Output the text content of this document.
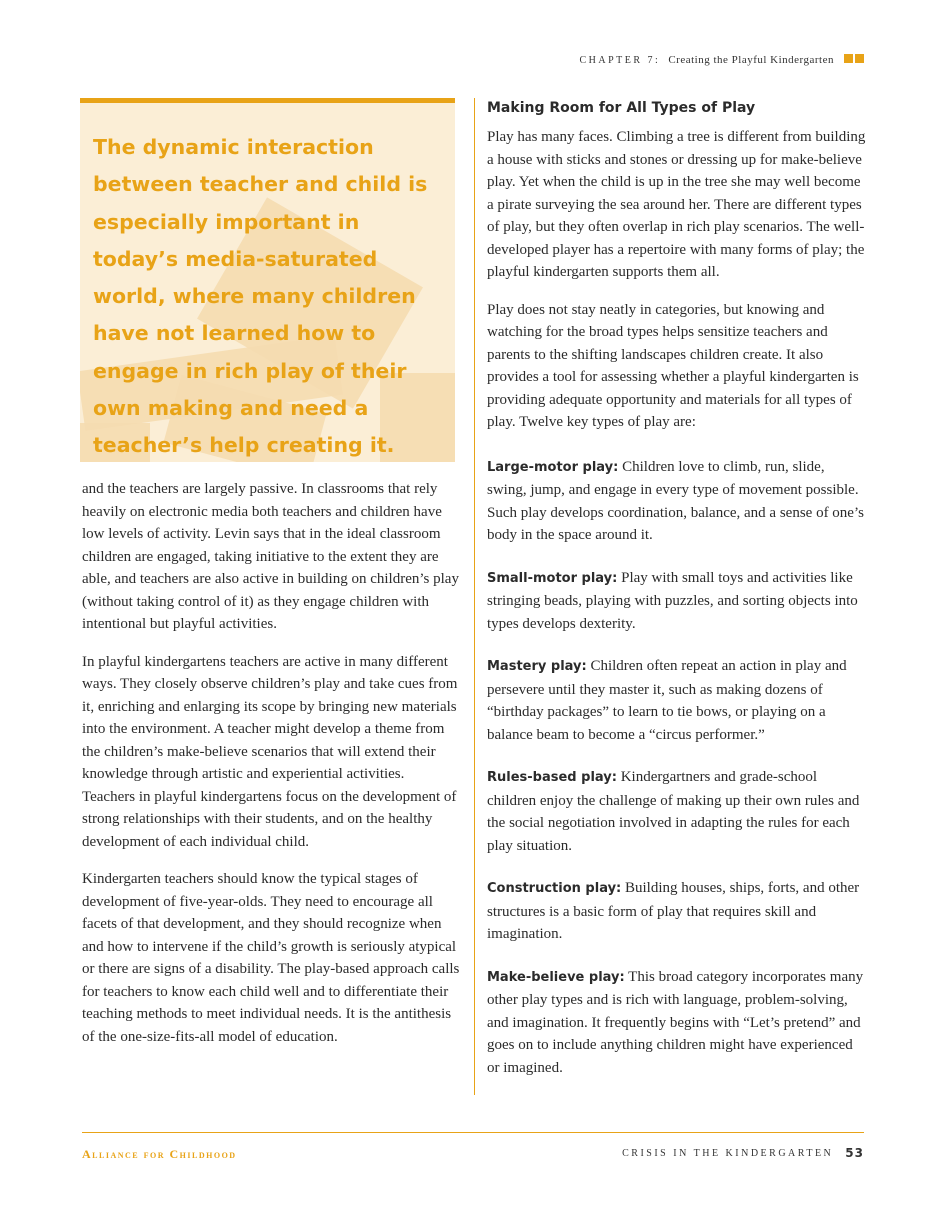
CHAPTER 7: Creating the Playful Kindergarten

The dynamic interaction between teacher and child is especially important in today’s media-saturated world, where many children have not learned how to engage in rich play of their own making and need a teacher’s help creating it.

and the teachers are largely passive. In classrooms that rely heavily on electronic media both teachers and children have low levels of activity. Levin says that in the ideal classroom children are engaged, taking initiative to the extent they are able, and teachers are also active in building on children’s play (without taking control of it) as they engage children with intentional but playful activities.

In playful kindergartens teachers are active in many different ways. They closely observe children’s play and take cues from it, enriching and enlarging its scope by bringing new materials into the environment. A teacher might develop a theme from the children’s make-believe scenarios that will extend their knowledge through artistic and experiential activities. Teachers in playful kindergartens focus on the development of strong relationships with their students, and on the healthy development of each individual child.

Kindergarten teachers should know the typical stages of development of five-year-olds. They need to encourage all facets of that development, and they should recognize when and how to intervene if the child’s growth is seriously atypical or there are signs of a disability. The play-based approach calls for teachers to know each child well and to differentiate their teaching methods to meet individual needs. It is the antithesis of the one-size-fits-all model of education.

Making Room for All Types of Play

Play has many faces. Climbing a tree is different from building a house with sticks and stones or dressing up for make-believe play. Yet when the child is up in the tree she may well become a pirate surveying the sea around her. There are different types of play, but they often overlap in rich play scenarios. The well-developed player has a repertoire with many forms of play; the playful kindergarten supports them all.

Play does not stay neatly in categories, but knowing and watching for the broad types helps sensitize teachers and parents to the shifting landscapes children create. It also provides a tool for assessing whether a playful kindergarten is providing adequate opportunity and materials for all types of play. Twelve key types of play are:

Large-motor play: Children love to climb, run, slide, swing, jump, and engage in every type of movement possible. Such play develops coordination, balance, and a sense of one’s body in the space around it.

Small-motor play: Play with small toys and activities like stringing beads, playing with puzzles, and sorting objects into types develops dexterity.

Mastery play: Children often repeat an action in play and persevere until they master it, such as making dozens of “birthday packages” to learn to tie bows, or playing on a balance beam to become a “circus performer.”

Rules-based play: Kindergartners and grade-school children enjoy the challenge of making up their own rules and the social negotiation involved in adapting the rules for each play situation.

Construction play: Building houses, ships, forts, and other structures is a basic form of play that requires skill and imagination.

Make-believe play: This broad category incorporates many other play types and is rich with language, problem-solving, and imagination. It frequently begins with “Let’s pretend” and goes on to include anything children might have experienced or imagined.

Alliance for Childhood	CRISIS IN THE KINDERGARTEN 53
